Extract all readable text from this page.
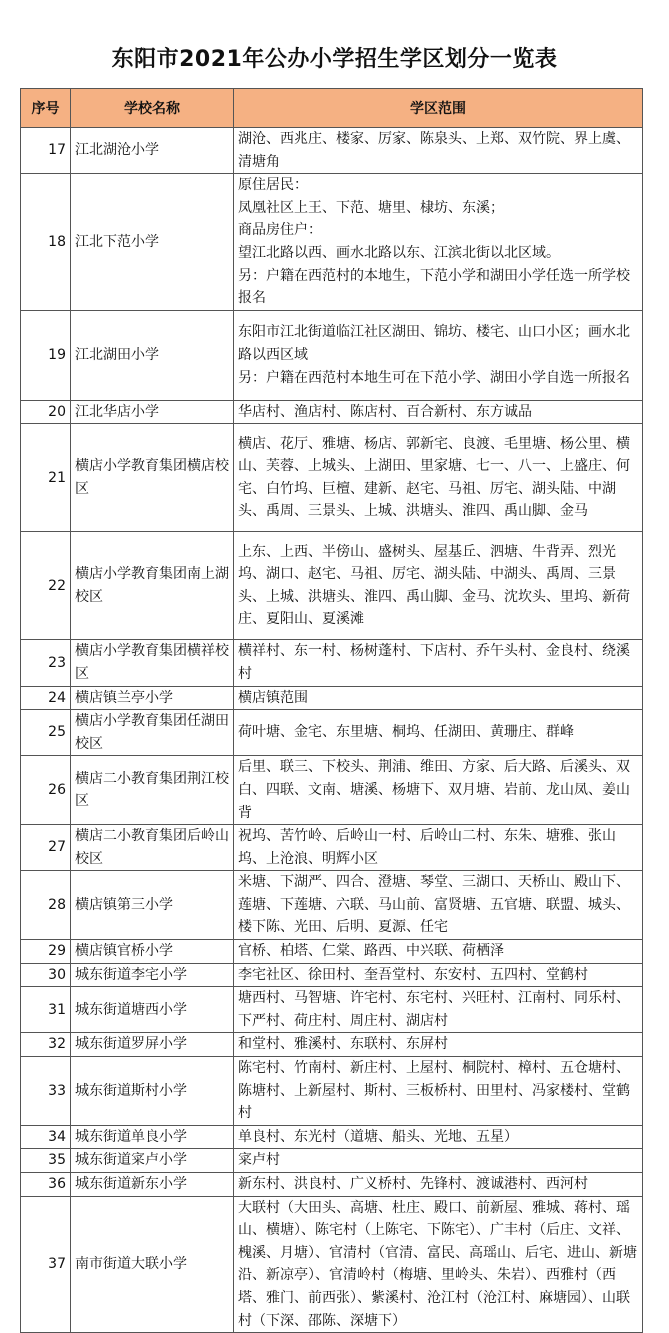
东阳市2021年公办小学招生学区划分一览表
序号	学校名称	学区范围
17	江北湖沧小学	湖沧、西兆庄、楼家、厉家、陈泉头、上郑、双竹院、界上虞、清塘角
18	江北下范小学	原住居民：
凤凰社区上王、下范、塘里、棣坊、东溪；
商品房住户：
望江北路以西、画水北路以东、江滨北街以北区域。
另：户籍在西范村的本地生，下范小学和湖田小学任选一所学校报名
19	江北湖田小学	东阳市江北街道临江社区湖田、锦坊、楼宅、山口小区；画水北路以西区域
另：户籍在西范村本地生可在下范小学、湖田小学自选一所报名
20	江北华店小学	华店村、渔店村、陈店村、百合新村、东方诚品
21	横店小学教育集团横店校区	横店、花厅、雅塘、杨店、郭新宅、良渡、毛里塘、杨公里、横山、芙蓉、上城头、上湖田、里家塘、七一、八一、上盛庄、何宅、白竹坞、巨檀、建新、赵宅、马祖、厉宅、湖头陆、中湖头、禹周、三景头、上城、洪塘头、淮四、禹山脚、金马
22	横店小学教育集团南上湖校区	上东、上西、半傍山、盛树头、屋基丘、泗塘、牛背弄、烈光坞、湖口、赵宅、马祖、厉宅、湖头陆、中湖头、禹周、三景头、上城、洪塘头、淮四、禹山脚、金马、沈坎头、里坞、新荷庄、夏阳山、夏溪滩
23	横店小学教育集团横祥校区	横祥村、东一村、杨树蓬村、下店村、乔午头村、金良村、绕溪村
24	横店镇兰亭小学	横店镇范围
25	横店小学教育集团任湖田校区	荷叶塘、金宅、东里塘、桐坞、任湖田、黄珊庄、群峰
26	横店二小教育集团荆江校区	后里、联三、下校头、荆浦、维田、方家、后大路、后溪头、双白、四联、文南、塘溪、杨塘下、双月塘、岩前、龙山凤、姜山背
27	横店二小教育集团后岭山校区	祝坞、苦竹岭、后岭山一村、后岭山二村、东朱、塘雅、张山坞、上沧浪、明辉小区
28	横店镇第三小学	米塘、下湖严、四合、澄塘、琴堂、三湖口、天桥山、殿山下、莲塘、下莲塘、六联、马山前、富贤塘、五官塘、联盟、城头、楼下陈、光田、后明、夏源、任宅
29	横店镇官桥小学	官桥、柏塔、仁棠、路西、中兴联、荷栖泽
30	城东街道李宅小学	李宅社区、徐田村、奎吾堂村、东安村、五四村、堂鹤村
31	城东街道塘西小学	塘西村、马智塘、许宅村、东宅村、兴旺村、江南村、同乐村、下严村、荷庄村、周庄村、湖店村
32	城东街道罗屏小学	和堂村、雅溪村、东联村、东屏村
33	城东街道斯村小学	陈宅村、竹南村、新庄村、上屋村、桐院村、樟村、五仓塘村、陈塘村、上新屋村、斯村、三板桥村、田里村、冯家楼村、堂鹤村
34	城东街道单良小学	单良村、东光村（道塘、船头、光地、五星）
35	城东街道寀卢小学	寀卢村
36	城东街道新东小学	新东村、洪良村、广义桥村、先锋村、渡诚港村、西河村
37	南市街道大联小学	大联村（大田头、高塘、杜庄、殿口、前新屋、雅城、蒋村、瑶山、横塘）、陈宅村（上陈宅、下陈宅）、广丰村（后庄、文祥、槐溪、月塘）、官清村（官清、富民、高瑶山、后宅、进山、新塘沿、新凉亭）、官清岭村（梅塘、里岭头、朱岩）、西雅村（西塔、雅门、前西张）、紫溪村、沧江村（沧江村、麻塘园）、山联村（下深、邵陈、深塘下）
